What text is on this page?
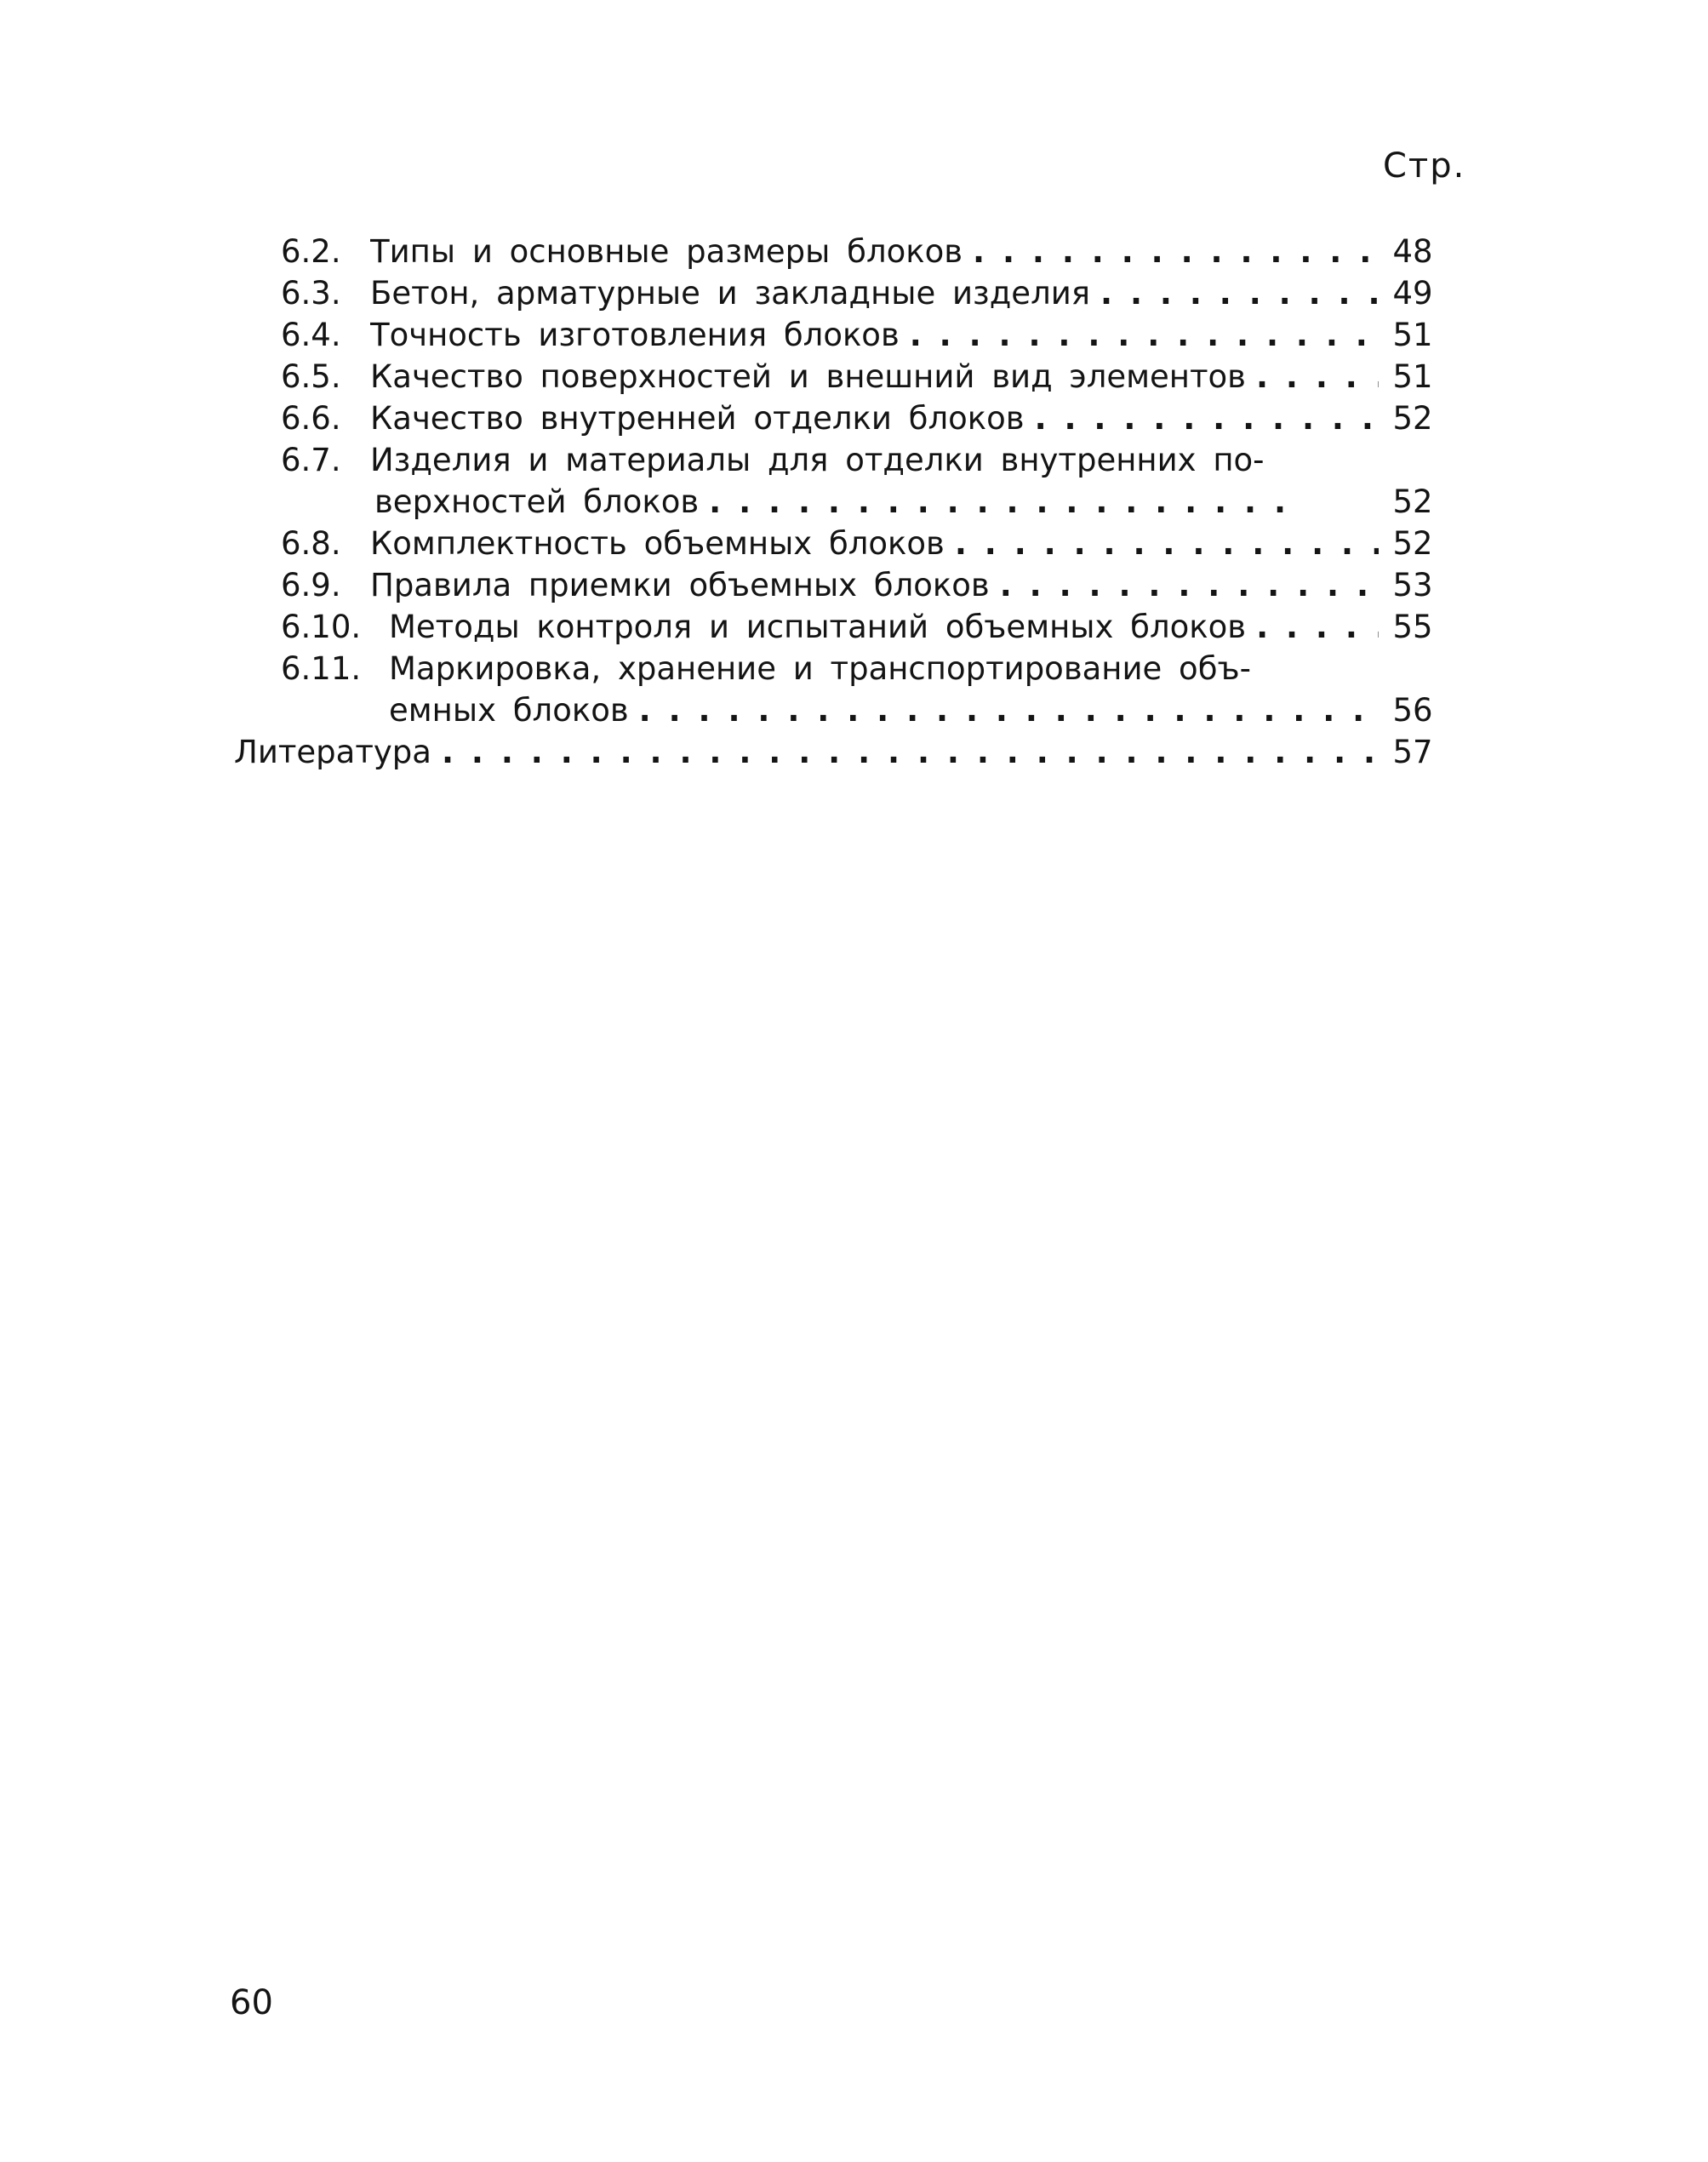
Стр.
6.2. Типы и основные размеры блоков . . .	48
6.3. Бетон, арматурные и закладные изделия . . .	49
6.4. Точность изготовления блоков . . .	51
6.5. Качество поверхностей и внешний вид элементов . . .	51
6.6. Качество внутренней отделки блоков . . .	52
6.7. Изделия и материалы для отделки внутренних по-
верхностей блоков . . .	52
6.8. Комплектность объемных блоков . . .	52
6.9. Правила приемки объемных блоков . . .	53
6.10. Методы контроля и испытаний объемных блоков . . .	55
6.11. Маркировка, хранение и транспортирование объ-
емных блоков . . .	56
Литература . . .	57
60
